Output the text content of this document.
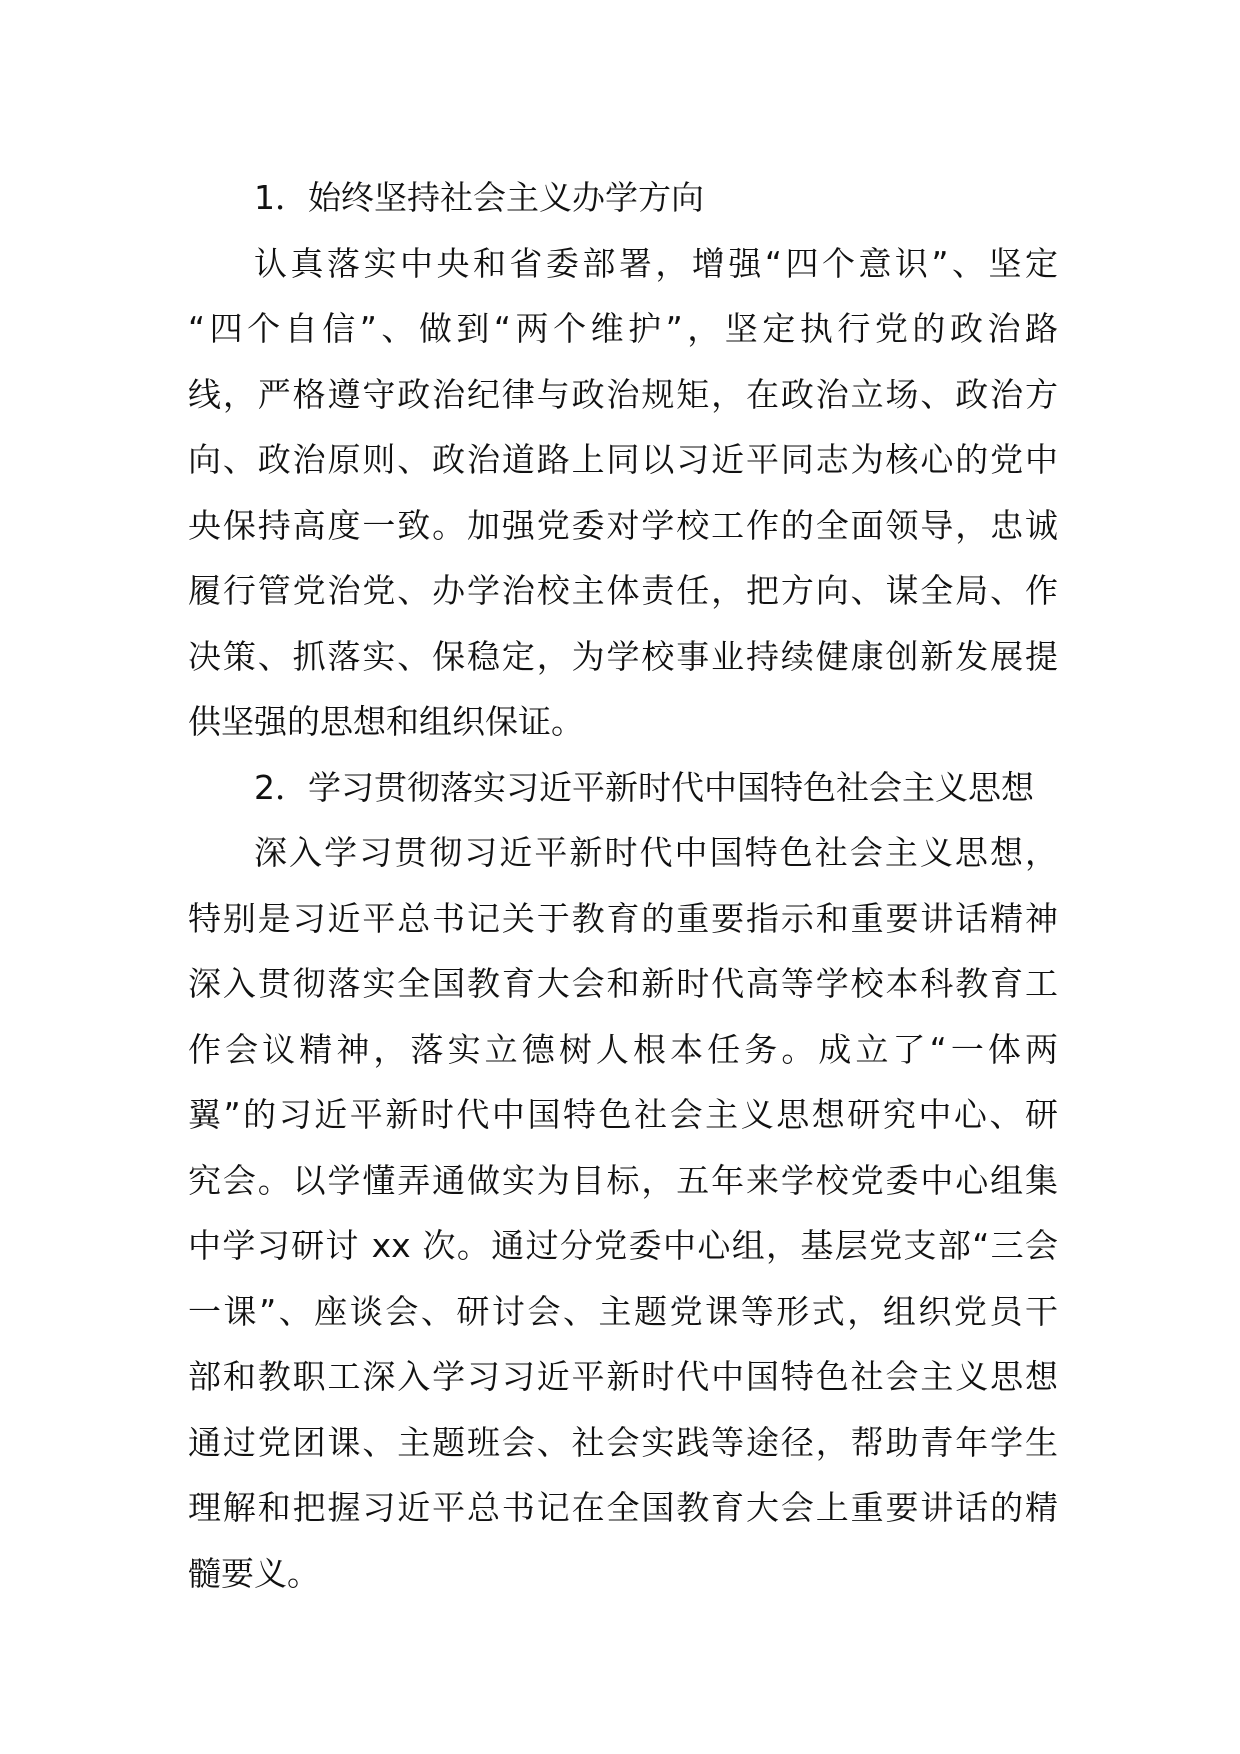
1．始终坚持社会主义办学方向
认真落实中央和省委部署，增强“四个意识”、坚定
“四个自信”、做到“两个维护”，坚定执行党的政治路
线，严格遵守政治纪律与政治规矩，在政治立场、政治方
向、政治原则、政治道路上同以习近平同志为核心的党中
央保持高度一致。加强党委对学校工作的全面领导，忠诚
履行管党治党、办学治校主体责任，把方向、谋全局、作
决策、抓落实、保稳定，为学校事业持续健康创新发展提
供坚强的思想和组织保证。
2．学习贯彻落实习近平新时代中国特色社会主义思想
深入学习贯彻习近平新时代中国特色社会主义思想，
特别是习近平总书记关于教育的重要指示和重要讲话精神
深入贯彻落实全国教育大会和新时代高等学校本科教育工
作会议精神，落实立德树人根本任务。成立了“一体两
翼”的习近平新时代中国特色社会主义思想研究中心、研
究会。以学懂弄通做实为目标，五年来学校党委中心组集
中学习研讨 xx 次。通过分党委中心组，基层党支部“三会
一课”、座谈会、研讨会、主题党课等形式，组织党员干
部和教职工深入学习习近平新时代中国特色社会主义思想
通过党团课、主题班会、社会实践等途径，帮助青年学生
理解和把握习近平总书记在全国教育大会上重要讲话的精
髓要义。
